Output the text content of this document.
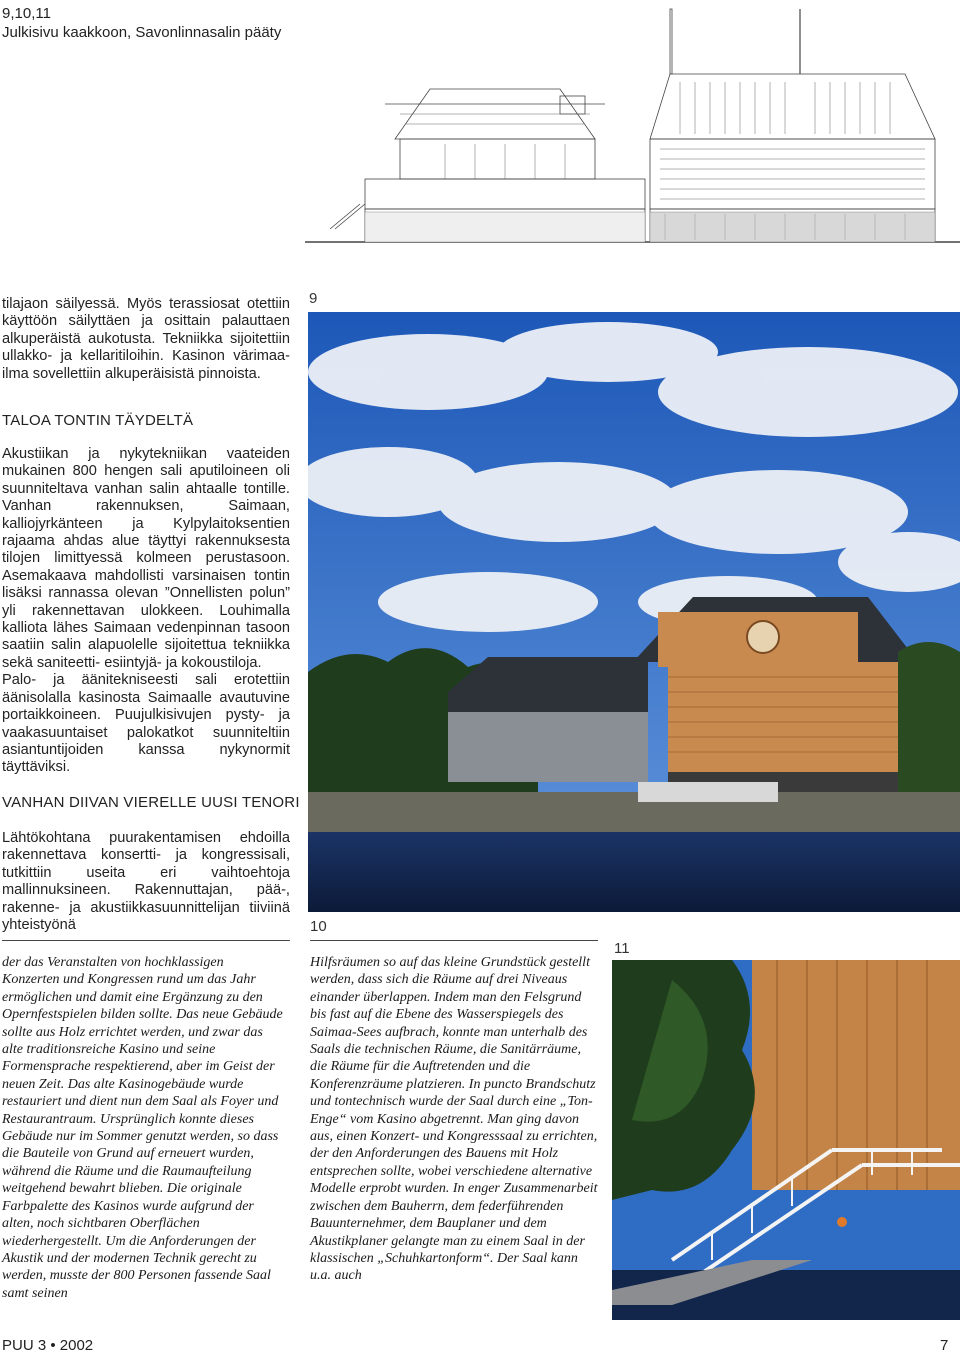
9,10,11
Julkisivu kaakkoon, Savonlinnasalin pääty
9

tilajaon säilyessä. Myös terassiosat otettiin käyttöön säilyttäen ja osittain palauttaen alkuperäistä aukotusta. Tekniikka sijoitettiin ullakko- ja kellaritiloihin. Kasinon värimaa-ilma sovellettiin alkuperäisistä pinnoista.

TALOA TONTIN TÄYDELTÄ

Akustiikan ja nykytekniikan vaateiden mukainen 800 hengen sali aputiloineen oli suunniteltava vanhan salin ahtaalle tontille. Vanhan rakennuksen, Saimaan, kalliojyrkänteen ja Kylpylaitoksentien rajaama ahdas alue täyttyi rakennuksesta tilojen limittyessä kolmeen perustasoon. Asemakaava mahdollisti varsinaisen tontin lisäksi rannassa olevan ”Onnellisten polun” yli rakennettavan ulokkeen. Louhimalla kalliota lähes Saimaan vedenpinnan tasoon saatiin salin alapuolelle sijoitettua tekniikka sekä saniteetti- esiintyjä- ja kokoustiloja.

Palo- ja äänitekniseesti sali erotettiin äänisolalla kasinosta Saimaalle avautuvine portaikkoineen. Puujulkisivujen pysty- ja vaakasuuntaiset palokatkot suunniteltiin asiantuntijoiden kanssa nykynormit täyttäviksi.

VANHAN DIIVAN VIERELLE UUSI TENORI

Lähtökohtana puurakentamisen ehdoilla rakennettava konsertti- ja kongressisali, tutkittiin useita eri vaihtoehtoja mallinnuksineen. Rakennuttajan, pää-, rakenne- ja akustiikkasuunnittelijan tiiviinä yhteistyönä	10
11

der das Veranstalten von hochklassigen Konzerten und Kongressen rund um das Jahr ermöglichen und damit eine Ergänzung zu den Opernfestspielen bilden sollte. Das neue Gebäude sollte aus Holz errichtet werden, und zwar das alte traditionsreiche Kasino und seine Formensprache respektierend, aber im Geist der neuen Zeit. Das alte Kasinogebäude wurde restauriert und dient nun dem Saal als Foyer und Restaurantraum. Ursprünglich konnte dieses Gebäude nur im Sommer genutzt werden, so dass die Bauteile von Grund auf erneuert wurden, während die Räume und die Raumaufteilung weitgehend bewahrt blieben. Die originale Farbpalette des Kasinos wurde aufgrund der alten, noch sichtbaren Oberflächen wiederhergestellt. Um die Anforderungen der Akustik und der modernen Technik gerecht zu werden, musste der 800 Personen fassende Saal samt seinen

Hilfsräumen so auf das kleine Grundstück gestellt werden, dass sich die Räume auf drei Niveaus einander überlappen. Indem man den Felsgrund bis fast auf die Ebene des Wasserspiegels des Saimaa-Sees aufbrach, konnte man unterhalb des Saals die technischen Räume, die Sanitärräume, die Räume für die Auftretenden und die Konferenzräume platzieren. In puncto Brandschutz und tontechnisch wurde der Saal durch eine „Ton-Enge“ vom Kasino abgetrennt. Man ging davon aus, einen Konzert- und Kongresssaal zu errichten, der den Anforderungen des Bauens mit Holz entsprechen sollte, wobei verschiedene alternative Modelle erprobt wurden. In enger Zusammenarbeit zwischen dem Bauherrn, dem federführenden Bauunternehmer, dem Bauplaner und dem Akustikplaner gelangte man zu einem Saal in der klassischen „Schuhkartonform“. Der Saal kann u.a. auch

PUU 3 • 2002	7
